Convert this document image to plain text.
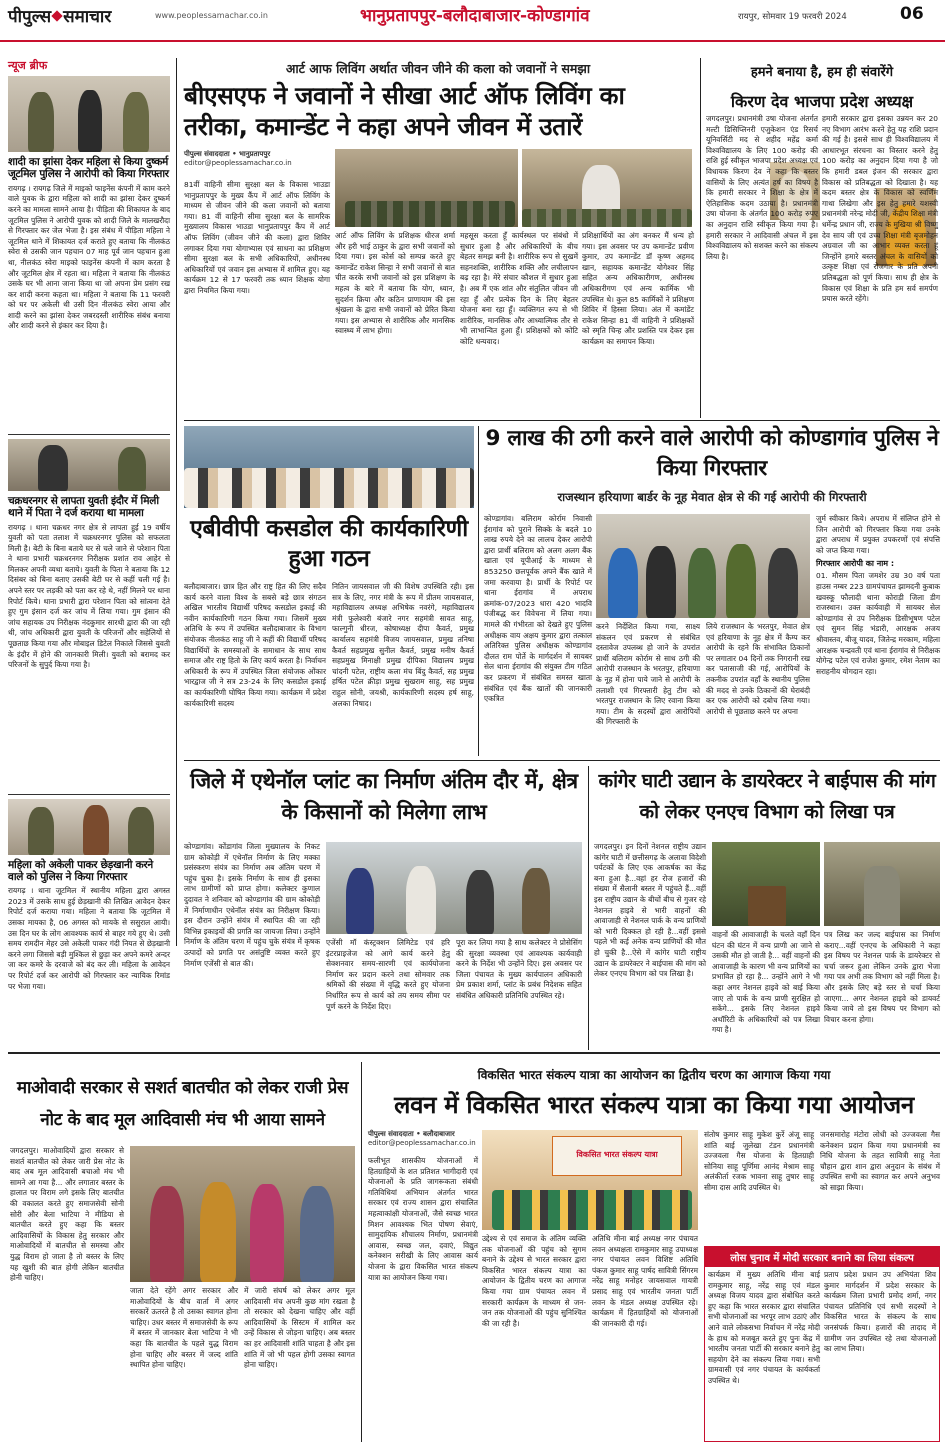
पीपुल्स समाचार	www.peoplessamachar.co.in	भानुप्रतापपुर-बलौदाबाजार-कोण्डागांव	रायपुर, सोमवार 19 फरवरी 2024	06
न्यूज ब्रीफ
शादी का झांसा देकर महिला से किया दुष्कर्म जूटमिल पुलिस ने आरोपी को किया गिरफ्तार
रायगढ़ । रायगढ़ जिले में माइको फाइनेंस कंपनी में काम करने वाले युवक के द्वारा महिला को शादी का झांसा देकर दुष्कर्म करने का मामला सामने आया है। पीड़िता की शिकायत के बाद जूटमिल पुलिस ने आरोपी युवक को शादी जिले के मालखरौदा से गिरफ्तार कर जेल भेजा है। इस संबंध में पीड़िता महिला ने जूटमिल थाने में शिकायत दर्ज कराते हुए बताया कि नीलकंठ स्वेरा से उसकी जान पहचान 07 माह पूर्व जान पहचान हुआ था, नीलकंठ स्वेरा माइको फाइनेंस कंपनी में काम करता है और जूटमिल क्षेत्र में रहता था। महिला ने बताया कि नीलकंठ उसके घर भी आना जाना किया था जो अपना प्रेम प्रसंग रख कर शादी करना कहता था। महिला ने बताया कि 11 फरवरी को घर पर अकेली थी उसी दिन नीलकंठ स्वेरा आया और शादी करने का झांसा देकर जबरदस्ती शारीरिक संबंध बनाया और शादी करने से इंकार कर दिया है।
चक्रधरनगर से लापता युवती इंदौर में मिली थाने में पिता ने दर्ज कराया था मामला
रायगढ़ । थाना चक्रधर नगर क्षेत्र से लापता हुई 19 वर्षीय युवती को पता तलाश में चक्रधरनगर पुलिस को सफलता मिली है। बेटी के बिना बताये घर से चले जाने से परेशान पिता ने थाना प्रभारी चक्रधरनगर निरीक्षक प्रशांत राव आहेर से मिलकर अपनी व्यथा बताये। युवती के पिता ने बताया कि 12 दिसंबर को बिना बताए उसकी बेटी घर से कहीं चली गई है। अपने स्तर पर लड़की को पता कर रहे थे, नहीं मिलने पर थाना रिपोर्ट किये। थाना प्रभारी द्वारा परेशान पिता को सांत्वना देते हुए गुम इंसान दर्ज कर जांच में लिया गया। गुम इंसान की जांच सहायक उप निरीक्षक नंदकुमार सारथी द्वारा की जा रही थी, जांच अधिकारी द्वारा युवती के परिजनों और सहेलियों से पूछताछ किया गया और मोबाइल डिटेल निकाले जिससे युवती के इंदौर में होने की जानकारी मिली। युवती को बरामद कर परिजनों के सुपुर्द किया गया है।
महिला को अकेली पाकर छेड़खानी करने वाले को पुलिस ने किया गिरफ्तार
रायगढ़ । थाना जूटमिल में स्थानीय महिला द्वारा अगस्त 2023 में उसके साथ हुई छेड़खानी की लिखित आवेदन देकर रिपोर्ट दर्ज कराया गया। महिला ने बताया कि जूटमिल में उसका मायका है, 06 अगस्त को मायके से ससुराल आयी। उस दिन घर के लोग आवश्यक कार्य से बाहर गये हुए थे। उसी समय रामदीन मेहर उसे अकेली पाकर गंदी नियत से छेड़खानी करने लगा जिससे बड़ी मुश्किल से छुड़ा कर अपने कमरे अन्दर जा कर कमरे के दरवाजे को बंद कर ली। महिला के आवेदन पर रिपोर्ट दर्ज कर आरोपी को गिरफ्तार कर न्यायिक रिमांड पर भेजा गया।
आर्ट आफ लिविंग अर्थात जीवन जीने की कला को जवानों ने समझा
बीएसएफ ने जवानों ने सीखा आर्ट ऑफ लिविंग का तरीका, कमान्डेंट ने कहा अपने जीवन में उतारें
पीपुल्स संवाददाता • भानुप्रतापपुर
editor@peoplessamachar.co.in
81वीं वाहिनी सीमा सुरक्षा बल के विकास भाउडा भानुप्रतापपुर के मुख्य कैंप में आर्ट ऑफ लिविंग के माध्यम से जीवन जीने की कला जवानों को बताया गया। 81 वीं वाहिनी सीमा सुरक्षा बल के सामरिक मुख्यालय विकास भाउडा भानुप्रतापपुर कैंप में आर्ट ऑफ लिविंग (जीवन जीने की कला) द्वारा शिविर लगाकर दिया गया योगाभ्यास एवं साधना का प्रशिक्षण सीमा सुरक्षा बल के सभी अधिकारियों, अधीनस्थ अधिकारियों एवं जवान इस अभ्यास में शामिल हुए। यह कार्यक्रम 12 से 17 फरवरी तक ध्यान शिक्षक योगा द्वारा नियमित किया गया।
आर्ट ऑफ लिविंग के प्रशिक्षक धीरज शर्मा और हरी भाई ठाकुर के द्वारा सभी जवानों को दिया गया। इस कोर्स को सम्पन्न करते हुए कमान्डेंट राकेश सिन्हा ने सभी जवानों से बात चीत करके सभी जवानों को इस प्रशिक्षण के महत्व के बारे में बताया कि योग, ध्यान, सुदर्शन क्रिया और कठिन प्राणायाम की इस श्रृंखला के द्वारा सभी जवानों को प्रेरित किया गया। इस अभ्यास से शारीरिक और मानसिक स्वास्थ्य में लाभ होगा।
महसूस करता हूँ कार्यस्थल पर संबंधो में सुधार हुआ है और अधिकारियों के बीच बेहतर समझ बनी है। शारीरिक रूप से सुखमें सहनशक्ति, शारीरिक शक्ति और लचीलापन बढ़ रहा है। मेरे संचार कौशल में सुधार हुआ है। अब मैं एक शांत और संतुलित जीवन जी रहा हूँ और प्रत्येक दिन के लिए बेहतर योजना बना रहा हूँ। व्यक्तिगत रूप से भी शारीरिक, मानसिक और आध्यात्मिक तौर से भी लाभान्वित हुआ हूँ। प्रशिक्षकों को कोटि कोटि धन्यवाद।
प्रशिक्षार्थियों का अंग बनकर मैं धन्य हो गया। इस अवसर पर उप कमान्डेंट प्रवीण कुमार, उप कमान्डेंट डॉ कृष्ण अहमद खान, सहायक कमान्डेंट योगेश्वर सिंह सहित अन्य अधिकारीगण, अधीनस्थ अधिकारीगण एवं अन्य कार्मिक भी उपस्थित थे। कुल 85 कार्मिकों ने प्रशिक्षण शिविर में हिस्सा लिया। अंत में कमांडेंट राकेश सिन्हा 81 वीं वाहिनी ने प्रशिक्षकों को स्मृति चिन्ह और प्रशस्ति पत्र देकर इस कार्यक्रम का समापन किया।
हमने बनाया है, हम ही संवारेंगे
किरण देव भाजपा प्रदेश अध्यक्ष
जगदलपुर। प्रधानमंत्री उषा योजना अंतर्गत मल्टी डिसिप्लिनरी एजुकेशन एंड रिसर्च यूनिवर्सिटी मद से शहीद महेंद्र कर्मा विश्वविद्यालय के लिए 100 करोड़ की राशि हुई स्वीकृत भाजपा प्रदेश अध्यक्ष एवं विधायक किरण देव ने कहा कि बस्तर वासियों के लिए अत्यंत हर्ष का विषय है कि हमारी सरकार ने शिक्षा के क्षेत्र में ऐतिहासिक कदम उठाया है। प्रधानमंत्री उषा योजना के अंतर्गत 100 करोड़ रुपए का अनुदान राशि स्वीकृत किया गया है। हमारी सरकार ने आदिवासी अंचल में इस विश्वविद्यालय को सशक्त करने का संकल्प लिया है।
हमारी सरकार द्वारा इसका उन्नयन कर 20 नए विभाग आरंभ करने हेतु यह राशि प्रदान की गई है। इससे साथ ही विश्वविद्यालय में आधारभूत संरचना का विस्तार करने हेतु 100 करोड़ का अनुदान दिया गया है जो कि हमारी डबल इंजन की सरकार द्वारा विकास को प्रतिबद्धता को दिखाता है। यह कदम बस्तर क्षेत्र के विकास को स्वर्णिम गाथा लिखेगा और इस हेतु हमारे यशस्वी प्रधानमंत्री नरेन्द्र मोदी जी, केंद्रीय शिक्षा मंत्री धर्मेन्द्र प्रधान जी, राज्य के मुखिया श्री विष्णु देव साय जी एवं उच्च शिक्षा मंत्री बृजमोहन अग्रवाल जी का आभार व्यक्त करता हूं जिन्होंने हमारे बस्तर अंचल के वासियों को उत्कृष्ट शिक्षा एवं रोजगार के प्रति अपनी प्रतिबद्धता को पूर्ण किया। साथ ही क्षेत्र के विकास एवं शिक्षा के प्रति हम सर्व समर्पण प्रयास करते रहेंगे।
एबीवीपी कसडोल की कार्यकारिणी हुआ गठन
बलौदाबाजार। छात्र हित और राष्ट्र हित की लिए सदैव कार्य करने वाला विश्व के सबसे बड़े छात्र संगठन अखिल भारतीय विद्यार्थी परिषद कसडोल इकाई की नवीन कार्यकारिणी गठन किया गया। जिसमें मुख्य अतिथि के रूप में उपस्थित बलौदाबाजार के विभाग संयोजक नीलकंठ साहू जी ने कहीं की विद्यार्थी परिषद विद्यार्थियों के समस्याओं के समाधान के साथ साथ समाज और राष्ट्र हितो के लिए कार्य करता है। निर्वाचन अधिकारी के रूप में उपस्थित जिला संयोजक ओंकार भारद्वाज जी ने सत्र 23-24 के लिए कसडोल इकाई का कार्यकारिणी घोषित किया गया। कार्यक्रम में प्रदेश कार्यकारिणी सदस्य
नितिन जायसवाल जी की विशेष उपस्थिति रही। इस सत्र के लिए, नगर मंत्री के रूप में प्रीतम जायसवाल, महाविद्यालय अध्यक्ष अभिषेक नवरंगे, महाविद्यालय मंत्री फुलेश्वरी बंजारे नगर सहमंत्री सावत साहू, फाल्गुनी धीरज, कोषाध्यक्ष दीपा कैवर्त, प्रमुख कार्यालय सहमंत्री विजय जायसवाल, प्रमुख तनिषा कैवर्त सहप्रमुख सुनील कैवर्त, प्रमुख मनीष कैवर्त सहप्रमुख मिनाक्षी प्रमुख दीपिका विद्यालय प्रमुख चांदनी पटेल, राष्ट्रीय कला मंच बिंदु कैवर्त, सह प्रमुख हर्षित पटेल क्रीड़ा प्रमुख सुखराम साहू, सह प्रमुख राहुल सोनी, जयश्री, कार्यकारिणी सदस्य हर्ष साहू, अलका निषाद।
9 लाख की ठगी करने वाले आरोपी को कोण्डागांव पुलिस ने किया गिरफ्तार
राजस्थान हरियाणा बार्डर के नूह मेवात क्षेत्र से की गई आरोपी की गिरफ्तारी
कोण्डागांव। बलिराम कोर्राम निवासी ईरागांव को पुराने सिक्के के बदले 10 लाख रुपये देने का लालच देकर आरोपी द्वारा प्रार्थी बलिराम को अलग अलग बैंक खाता एवं यूपीआई के माध्यम से 853250 छलपूर्वक अपने बैंक खाते में जमा करवाया है। प्रार्थी के रिपोर्ट पर थाना ईरागांव में अपराध क्रमांक-07/2023 धारा 420 भादवि पंजीबद्ध कर विवेचना में लिया गया। मामले की गंभीरता को देखते हुए पुलिस अधीक्षक वाय अक्षय कुमार द्वारा तत्काल अतिरिक्त पुलिस अधीक्षक कोण्डागांव दौलत राम पोर्ते के मार्गदर्शन में सायबर सेल थाना ईरागांव की संयुक्त टीम गठित कर प्रकरण में संबंधित समस्त खाता संबंधित एवं बैंक खातों की जानकारी एकत्रित
करने निर्देशित किया गया, साक्ष्य संकलन एवं प्रकरण से संबंधित दस्तावेज उपलब्ध हो जाने के उपरांत प्रार्थी बलिराम कोर्राम से साथ ठगी की आरोपी राजस्थान के भरतपुर, हरियाणा के नूह में होना पाये जाने से आरोपी के तलाशी एवं गिरफ्तारी हेतु टीम को भरतपुर राजस्थान के लिए रवाना किया गया। टीम के सदस्यों द्वारा आरोपियों की गिरफ्तारी के
लिये राजस्थान के भरतपुर, मेवात क्षेत्र एवं हरियाणा के नूह क्षेत्र में कैम्प कर आरोपी के रहने कि संभावित ठिकानों पर लगातार 04 दिनों तक निगरानी रख कर पतासाजी की गई, आरोपियों के तकनीक उपरांत वहाँ के स्थानीय पुलिस की मदद से उनके ठिकानों की घेराबंदी कर एक आरोपी को दबोच लिया गया। आरोपी से पूछताछ करने पर अपना
जुर्म स्वीकार किये। अपराध में संलिप्त होने से जिन आरोपी को गिरफ्तार किया गया उनके द्वारा अपराध में प्रयुक्त उपकरणों एवं संपत्ति को जप्त किया गया।
गिरफ्तार आरोपी का नाम :
01. मौसम पिता जमशेर उम्र 30 वर्ष पता हाउस नम्बर 223 ग्रामपंचायत झामदनी कुबाक खवस्कू फौलादी थाना कोराड़ी जिला डीग राजस्थान। उक्त कार्यवाही में सायबर सेल कोण्डागांव से उप निरीक्षक डिसीभूषण पटेल एवं सुमन सिंह भंडारी, आरक्षक अजय श्रीवास्तव, बीजू यादव, जितेन्द्र मरकाम, महिला आरक्षक चन्द्रवती एवं थाना ईरागांव से निरीक्षक योगेन्द्र पटेल एवं राजेश कुमार, रमेश नेताम का सराहनीय योगदान रहा।
जिले में एथेनॉल प्लांट का निर्माण अंतिम दौर में, क्षेत्र के किसानों को मिलेगा लाभ
कोण्डागांव। कोंडागांव जिला मुख्यालय के निकट ग्राम कोकोड़ी में एथेनॉल निर्माण के लिए मक्का प्रसंस्करण संयंत्र का निर्माण अब अंतिम चरण में पहुंच चुका है। इसके निर्माण के साथ ही इसका लाभ ग्रामीणों को प्राप्त होगा। कलेक्टर कुणाल दुदावत ने शनिवार को कोण्डागांव की ग्राम कोकोड़ी में निर्माणाधीन एथेनॉल संयंत्र का निरीक्षण किया। इस दौरान उन्होंने संयंत्र में स्थापित की जा रही विभिन्न इकाइयों की प्रगति का जायजा लिया। उन्होंने निर्माण के अंतिम चरण में पहुंच चुके संयंत्र में कृषक उत्पादों को प्रगति पर असंतुष्टि व्यक्त करते हुए निर्माण एजेंसी से बात की।
एजेंसी मॉ कंस्ट्रक्शन लिमिटेड एवं हरि इंटरप्राइजेज को आगे कार्य करने हेतु सेक्शनवार समय-सारणी एवं कार्ययोजना निर्माण कर प्रदान करने तथा सोमवार तक श्रमिकों की संख्या में वृद्धि करते हुए योजना निर्धारित रूप से कार्य को तय समय सीमा पर पूर्ण करने के निर्देश दिए।
पूरा कर लिया गया है साथ कलेक्टर ने प्रोसेसिंग की सुरक्षा व्यवस्था एवं आवश्यक कार्यवाही करने के निर्देश भी उन्होंने दिए। इस अवसर पर जिला पंचायत के मुख्य कार्यपालन अधिकारी प्रेम प्रकाश शर्मा, प्लांट के प्रबंध निदेशक सहित संबंधित अधिकारी प्रतिनिधि उपस्थित रहे।
कांगेर घाटी उद्यान के डायरेक्टर ने बाईपास की मांग को लेकर एनएच विभाग को लिखा पत्र
जगदलपुर। इन दिनों नेशनल राष्ट्रीय उद्यान कांगेर घाटी में छत्तीसगढ़ के अलावा विदेशी पर्यटकों के लिए एक आकर्षक का केंद्र बना हुआ है...वहां हर रोज हजारों की संख्या में सैलानी बस्तर में पहुंचते हैं...वहीं इस राष्ट्रीय उद्यान के बीचों बीच से गुजर रहे नेशनल हाइवे से भारी वाहनों की आवाजाही से नेशनल पार्क के वन्य प्राणियों को भारी दिक्कत हो रही है...वहीं इससे पहले भी कई अनेक वन्य प्राणियों की मौत हो चुकी है...ऐसे में कांगेर घाटी राष्ट्रीय उद्यान के डायरेक्टर ने बाईपास की मांग को लेकर एनएच विभाग को पत्र लिखा है।
वाहनों की आवाजाही के चलते वहाँ दिन घंटन की घंटन में वन्य प्राणी आ जाने से उसकी मौत हो जाती है... वहीं वाहनों की आवाजाही के कारण भी वन्य प्राणियों का प्रभावित हो रहा है... उन्होंने आगे ने भी कहा अगर नेशनल हाइवे को बाई किया जाए तो पार्क के वन्य प्राणी सुरक्षित हो सकेंगे... इसके लिए नेशनल हाइवे अथॉरिटी के अधिकारियों को पत्र लिखा गया है।
पत्र लिख कर जल्द बाईपास का निर्माण कराए...वहीं एनएच के अधिकारी ने कहा इस विषय पर नेशनल पार्क के डायरेक्टर से चर्चा जरूर हुआ लेकिन उनके द्वारा भेजा गया पत्र अभी तक विभाग को नहीं मिला है। और इसके लिए बड़े स्तर से चर्चा किया जाएगा... अगर नेशनल हाइवे को डायवर्ट किया जाये तो इस विषय पर विभाग को विचार करना होगा।
माओवादी सरकार से सशर्त बातचीत को लेकर राजी प्रेस नोट के बाद मूल आदिवासी मंच भी आया सामने
जगदलपुर। माओवादियों द्वारा सरकार से सशर्त बातचीत को लेकर जारी प्रेस नोट के बाद अब मूल आदिवासी बचाओ मंच भी सामने आ गया है... और लगातार बस्तर के हालात पर विराम लगे इसके लिए बातचीत की वकालत करते हुए समाजसेवी सोनी सोरी और बेला भाटिया ने मीडिया से बातचीत करते हुए कहा कि बस्तर आदिवासियों के विकास हेतु सरकार और माओवादियों में बातचीत से समस्या और युद्ध विराम हो जाता है तो बस्तर के लिए यह खुशी की बात होगी लेकिन बातचीत होनी चाहिए।
जाता देते रहेंगे अगर सरकार और माओवादियों के बीच वार्ता में अगर सरकारें ऊतरते है तो उसका स्वागत होना चाहिए। उधर बस्तर में समाजसेवी के रूप में बस्तर में जानकार बेला भाटिया ने भी कहा कि बातचीत के पहले युद्ध विराम होना चाहिए और बस्तर में जल्द शांति स्थापित होना चाहिए।
में जारी संघर्ष को लेकर अगर मूल आदिवासी मंच अपनी कुछ मांग रखता है तो सरकार को देखना चाहिए और वहीं आदिवासियों के सिस्टम में शामिल कर उन्हें विकास से जोड़ना चाहिए। अब बस्तर का हर आदिवासी शांति चाहता है और इस शांति में जो भी पहल होगी उसका स्वागत होना चाहिए।
विकसित भारत संकल्प यात्रा का आयोजन का द्वितीय चरण का आगाज किया गया
लवन में विकसित भारत संकल्प यात्रा का किया गया आयोजन
पीपुल्स संवाददाता • बलौदाबाजार
editor@peoplessamachar.co.in
फलीभूत शासकीय योजनाओं में हितग्राहियों के शत प्रतिशत भागीदारी एवं योजनाओं के प्रति जागरूकता संबंधी गतिविधियां अभियान अंतर्गत भारत सरकार एवं राज्य शासन द्वारा संचालित महत्वाकांक्षी योजनाओं, जैसे स्वच्छ भारत मिशन आवश्यक भित पोषण सेवाएं, सामुदायिक शौचालय निर्माण, प्रधानमंत्री आवास, स्वच्छ जल, दवाएं, विद्युत कनेक्शन सरीखी के लिए आवास कार्य योजना के द्वारा विकसित भारत संकल्प यात्रा का आयोजन किया गया।
विकसित भारत संकल्प यात्रा
उद्देश्य से एवं समाज के अंतिम व्यक्ति तक योजनाओं की पहुंच को सुगम बनाने के उद्देश्य से भारत सरकार द्वारा विकसित भारत संकल्प यात्रा का आयोजन के द्वितीय चरण का आगाज किया गया ग्राम पंचायत लवन में सरकारी कार्यक्रम के माध्यम से जन-जन तक योजनाओं की पहुंच सुनिश्चित की जा रही है।
अतिथि मीना बाई अध्यक्ष नगर पंचायत लवन अध्यक्षता रामकुमार साहू उपाध्यक्ष नगर पंचायत लवन विशिष्ट अतिथि पंकज कुमार साहू पार्षद सावित्री सिंगरम नरेंद्र साहू मनोहर जायसवाल गायत्री प्रसाद साहू एवं भारतीय जनता पार्टी लवन के मंडल अध्यक्ष उपस्थित रहे। कार्यक्रम में हितग्राहियों को योजनाओं की जानकारी दी गई।
संतोष कुमार साहू मुकेश कुर्रे अंजू साहू शांति बाई जुलेखा टंडन प्रधानमंत्री उज्जवला गैस योजना के हितग्राही सोनिया साहू पूर्णिमा आनंद मेश्राम साहू अलंकीर्ता रजक भावना साहू तुषार साहू सीमा दास आदि उपस्थित थे।
जनसमारोह मंटोरा लोधी को उज्जवला गैस कनेक्शन प्रदान किया गया प्रधानमंत्री स्व निधि योजना के तहत सावित्री साहू नेता चौहान द्वारा शान द्वारा अनुदान के संबंध में उपस्थित सभी का स्वागत कर अपने अनुभव को साझा किया।
लोस चुनाव में मोदी सरकार बनाने का लिया संकल्प
कार्यक्रम में मुख्य अतिथि मीना बाई रामकुमार साहू, नरेंद्र साहू एवं मंडल अध्यक्ष विजय यादव द्वारा संबोधित करते हुए कहा कि भारत सरकार द्वारा संचालित सभी योजनाओं का भरपूर लाभ उठाएं और आने वाले लोकसभा निर्वाचन में नरेंद्र मोदी के हाथ को मजबूत करते हुए पुनः केंद्र में भारतीय जनता पार्टी की सरकार बनाने हेतु सहयोग देने का संकल्प लिया गया। सभी ग्रामवासी एवं नगर पंचायत के कार्यकर्ता उपस्थित थे।
प्रताप प्रदेश प्रधान उप अभियंता शिव कुमार मार्गदर्शन में प्रदेश सरकार के कार्यक्रम जिला प्रभारी प्रमोद शर्मा, नगर पंचायत प्रतिनिधि एवं सभी सदस्यों ने विकसित भारत के संकल्प के साथ जनसंपर्क किया। हजारों की तादाद में ग्रामीण जन उपस्थित रहे तथा योजनाओं का लाभ लिया।
